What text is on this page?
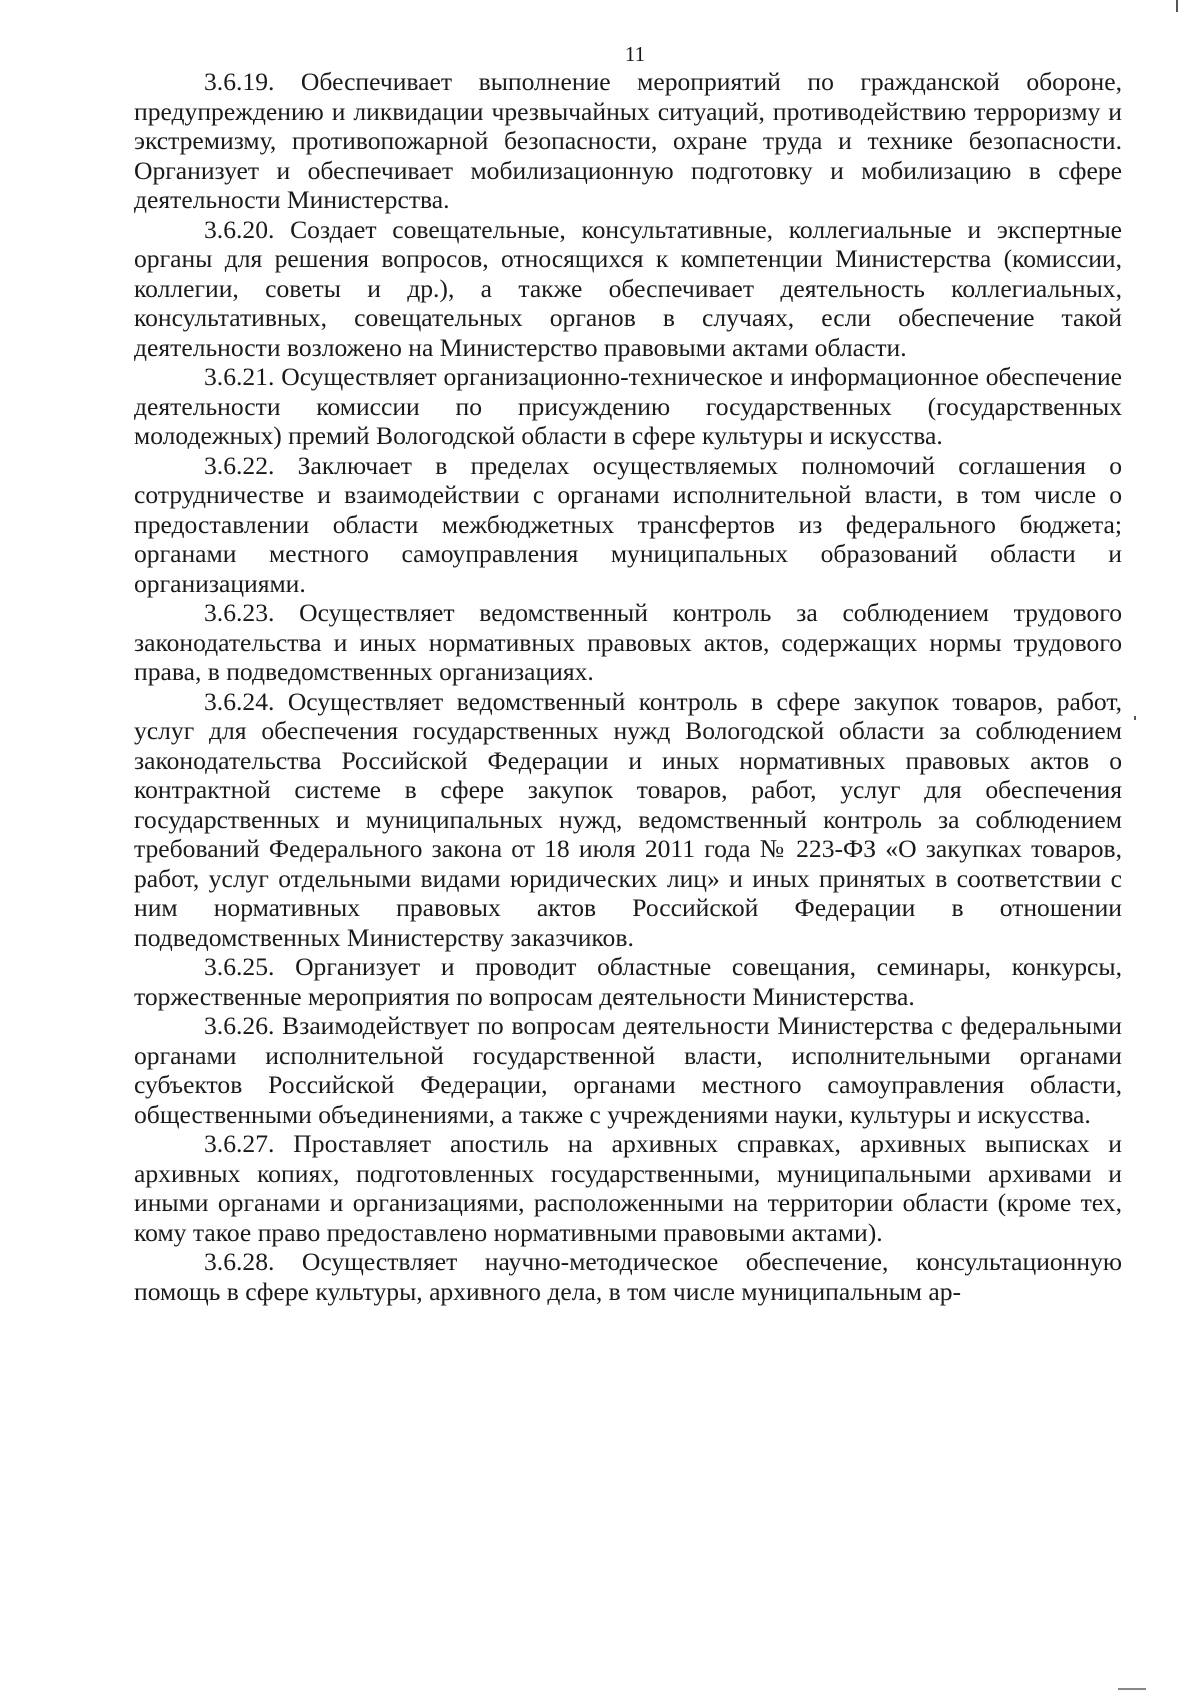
11

3.6.19. Обеспечивает выполнение мероприятий по гражданской обороне, предупреждению и ликвидации чрезвычайных ситуаций, противодействию терроризму и экстремизму, противопожарной безопасности, охране труда и технике безопасности. Организует и обеспечивает мобилизационную подготовку и мобилизацию в сфере деятельности Министерства.

3.6.20. Создает совещательные, консультативные, коллегиальные и экспертные органы для решения вопросов, относящихся к компетенции Министерства (комиссии, коллегии, советы и др.), а также обеспечивает деятельность коллегиальных, консультативных, совещательных органов в случаях, если обеспечение такой деятельности возложено на Министерство правовыми актами области.

3.6.21. Осуществляет организационно-техническое и информационное обеспечение деятельности комиссии по присуждению государственных (государственных молодежных) премий Вологодской области в сфере культуры и искусства.

3.6.22. Заключает в пределах осуществляемых полномочий соглашения о сотрудничестве и взаимодействии с органами исполнительной власти, в том числе о предоставлении области межбюджетных трансфертов из федерального бюджета; органами местного самоуправления муниципальных образований области и организациями.

3.6.23. Осуществляет ведомственный контроль за соблюдением трудового законодательства и иных нормативных правовых актов, содержащих нормы трудового права, в подведомственных организациях.

3.6.24. Осуществляет ведомственный контроль в сфере закупок товаров, работ, услуг для обеспечения государственных нужд Вологодской области за соблюдением законодательства Российской Федерации и иных нормативных правовых актов о контрактной системе в сфере закупок товаров, работ, услуг для обеспечения государственных и муниципальных нужд, ведомственный контроль за соблюдением требований Федерального закона от 18 июля 2011 года № 223-ФЗ «О закупках товаров, работ, услуг отдельными видами юридических лиц» и иных принятых в соответствии с ним нормативных правовых актов Российской Федерации в отношении подведомственных Министерству заказчиков.

3.6.25. Организует и проводит областные совещания, семинары, конкурсы, торжественные мероприятия по вопросам деятельности Министерства.

3.6.26. Взаимодействует по вопросам деятельности Министерства с федеральными органами исполнительной государственной власти, исполнительными органами субъектов Российской Федерации, органами местного самоуправления области, общественными объединениями, а также с учреждениями науки, культуры и искусства.

3.6.27. Проставляет апостиль на архивных справках, архивных выписках и архивных копиях, подготовленных государственными, муниципальными архивами и иными органами и организациями, расположенными на территории области (кроме тех, кому такое право предоставлено нормативными правовыми актами).

3.6.28. Осуществляет научно-методическое обеспечение, консультационную помощь в сфере культуры, архивного дела, в том числе муниципальным ар-
